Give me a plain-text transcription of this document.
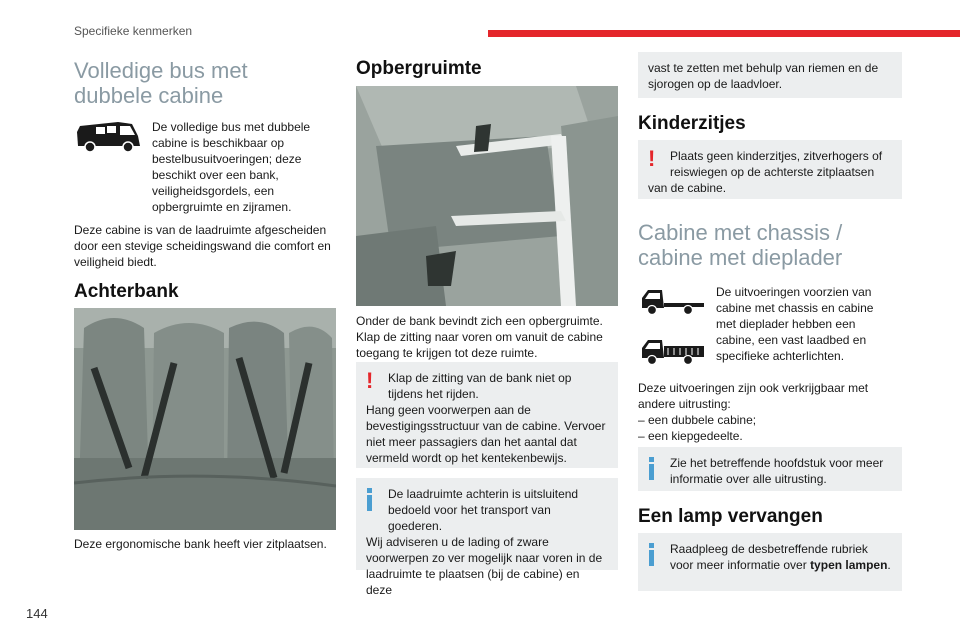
Specifieke kenmerken
Volledige bus met dubbele cabine

De volledige bus met dubbele cabine is beschikbaar op bestelbusuitvoeringen; deze beschikt over een bank, veiligheidsgordels, een opbergruimte en zijramen.

Deze cabine is van de laadruimte afgescheiden door een stevige scheidingswand die comfort en veiligheid biedt.

Achterbank

Deze ergonomische bank heeft vier zitplaatsen.

Opbergruimte

Onder de bank bevindt zich een opbergruimte. Klap de zitting naar voren om vanuit de cabine toegang te krijgen tot deze ruimte.

!	Klap de zitting van de bank niet op tijdens het rijden.
Hang geen voorwerpen aan de bevestigingsstructuur van de cabine. Vervoer niet meer passagiers dan het aantal dat vermeld wordt op het kentekenbewijs.
De laadruimte achterin is uitsluitend bedoeld voor het transport van goederen.
Wij adviseren u de lading of zware voorwerpen zo ver mogelijk naar voren in de laadruimte te plaatsen (bij de cabine) en deze
vast te zetten met behulp van riemen en de sjorogen op de laadvloer.
Kinderzitjes
!	Plaats geen kinderzitjes, zitverhogers of reiswiegen op de achterste zitplaatsen
van de cabine.
Cabine met chassis / cabine met dieplader

De uitvoeringen voorzien van cabine met chassis en cabine met dieplader hebben een cabine, een vast laadbed en specifieke achterlichten.

Deze uitvoeringen zijn ook verkrijgbaar met andere uitrusting:

– een dubbele cabine;

– een kiepgedeelte.

Zie het betreffende hoofdstuk voor meer informatie over alle uitrusting.
Een lamp vervangen
Raadpleeg de desbetreffende rubriek voor meer informatie over typen lampen.
144
